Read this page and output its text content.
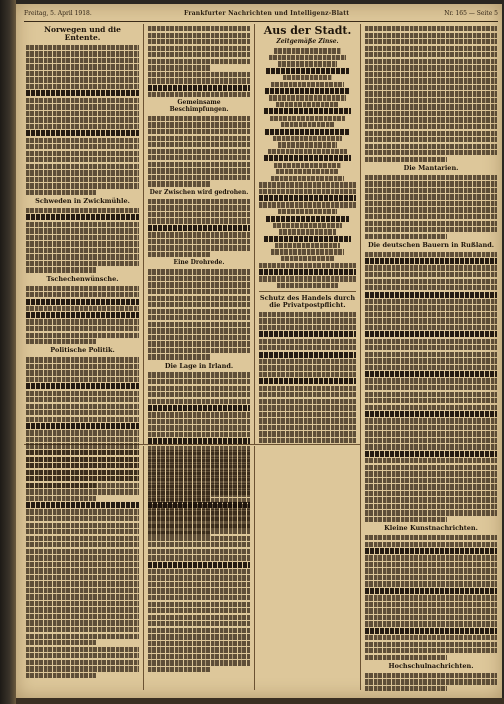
Freitag, 5. April 1918.	Frankfurter Nachrichten und Intelligenz-Blatt	Nr. 165 — Seite 5
Norwegen und die Entente.
Schweden in Zwickmühle.
Tschechenwünsche.
Politische Politik.
Gemeinsame Beschimpfungen.
Der Zwischen wird gedrohen.
Eine Drohrede.
Die Lage in Irland.
Aus der Stadt.
Zeitgemäße Zinse.
Schutz des Handels durch die Privatpostpflicht.
Die Mantarien.
Die deutschen Bauern in Rußland.
Kleine Kunstnachrichten.
Hochschulnachrichten.
